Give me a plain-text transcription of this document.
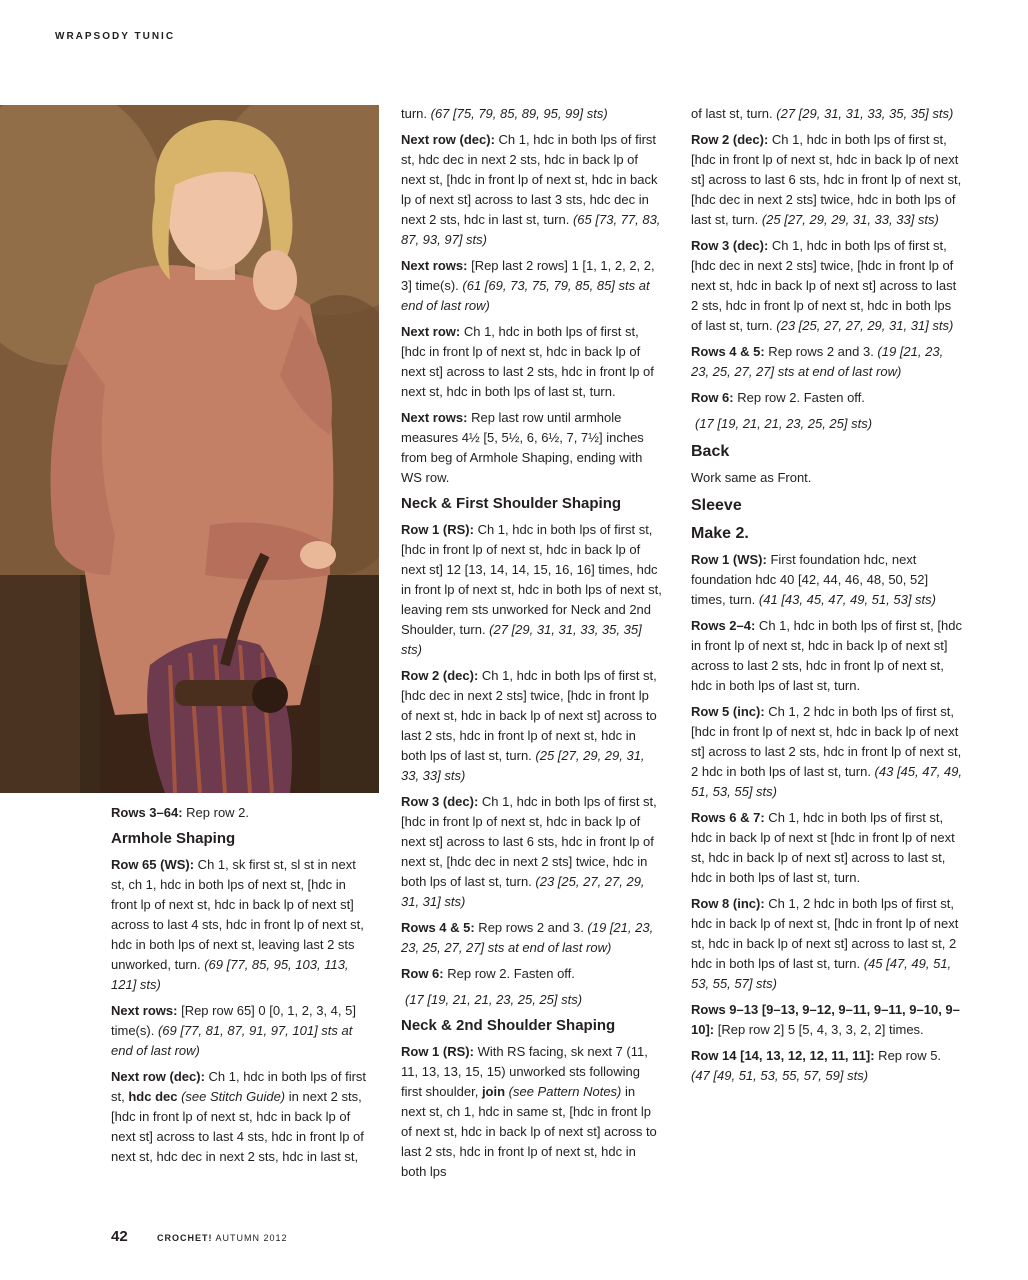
WRAPSODY TUNIC

Rows 3–64: Rep row 2.

Armhole Shaping

Row 65 (WS): Ch 1, sk first st, sl st in next st, ch 1, hdc in both lps of next st, [hdc in front lp of next st, hdc in back lp of next st] across to last 4 sts, hdc in front lp of next st, hdc in both lps of next st, leaving last 2 sts unworked, turn. (69 [77, 85, 95, 103, 113, 121] sts)

Next rows: [Rep row 65] 0 [0, 1, 2, 3, 4, 5] time(s). (69 [77, 81, 87, 91, 97, 101] sts at end of last row)

Next row (dec): Ch 1, hdc in both lps of first st, hdc dec (see Stitch Guide) in next 2 sts, [hdc in front lp of next st, hdc in back lp of next st] across to last 4 sts, hdc in front lp of next st, hdc dec in next 2 sts, hdc in last st,

turn. (67 [75, 79, 85, 89, 95, 99] sts)

Next row (dec): Ch 1, hdc in both lps of first st, hdc dec in next 2 sts, hdc in back lp of next st, [hdc in front lp of next st, hdc in back lp of next st] across to last 3 sts, hdc dec in next 2 sts, hdc in last st, turn. (65 [73, 77, 83, 87, 93, 97] sts)

Next rows: [Rep last 2 rows] 1 [1, 1, 2, 2, 2, 3] time(s). (61 [69, 73, 75, 79, 85, 85] sts at end of last row)

Next row: Ch 1, hdc in both lps of first st, [hdc in front lp of next st, hdc in back lp of next st] across to last 2 sts, hdc in front lp of next st, hdc in both lps of last st, turn.

Next rows: Rep last row until armhole measures 4½ [5, 5½, 6, 6½, 7, 7½] inches from beg of Armhole Shaping, ending with WS row.

Neck & First Shoulder Shaping

Row 1 (RS): Ch 1, hdc in both lps of first st, [hdc in front lp of next st, hdc in back lp of next st] 12 [13, 14, 14, 15, 16, 16] times, hdc in front lp of next st, hdc in both lps of next st, leaving rem sts unworked for Neck and 2nd Shoulder, turn. (27 [29, 31, 31, 33, 35, 35] sts)

Row 2 (dec): Ch 1, hdc in both lps of first st, [hdc dec in next 2 sts] twice, [hdc in front lp of next st, hdc in back lp of next st] across to last 2 sts, hdc in front lp of next st, hdc in both lps of last st, turn. (25 [27, 29, 29, 31, 33, 33] sts)

Row 3 (dec): Ch 1, hdc in both lps of first st, [hdc in front lp of next st, hdc in back lp of next st] across to last 6 sts, hdc in front lp of next st, [hdc dec in next 2 sts] twice, hdc in both lps of last st, turn. (23 [25, 27, 27, 29, 31, 31] sts)

Rows 4 & 5: Rep rows 2 and 3. (19 [21, 23, 23, 25, 27, 27] sts at end of last row)

Row 6: Rep row 2. Fasten off.

(17 [19, 21, 21, 23, 25, 25] sts)

Neck & 2nd Shoulder Shaping

Row 1 (RS): With RS facing, sk next 7 (11, 11, 13, 13, 15, 15) unworked sts following first shoulder, join (see Pattern Notes) in next st, ch 1, hdc in same st, [hdc in front lp of next st, hdc in back lp of next st] across to last 2 sts, hdc in front lp of next st, hdc in both lps

of last st, turn. (27 [29, 31, 31, 33, 35, 35] sts)

Row 2 (dec): Ch 1, hdc in both lps of first st, [hdc in front lp of next st, hdc in back lp of next st] across to last 6 sts, hdc in front lp of next st, [hdc dec in next 2 sts] twice, hdc in both lps of last st, turn. (25 [27, 29, 29, 31, 33, 33] sts)

Row 3 (dec): Ch 1, hdc in both lps of first st, [hdc dec in next 2 sts] twice, [hdc in front lp of next st, hdc in back lp of next st] across to last 2 sts, hdc in front lp of next st, hdc in both lps of last st, turn. (23 [25, 27, 27, 29, 31, 31] sts)

Rows 4 & 5: Rep rows 2 and 3. (19 [21, 23, 23, 25, 27, 27] sts at end of last row)

Row 6: Rep row 2. Fasten off.

(17 [19, 21, 21, 23, 25, 25] sts)

Back

Work same as Front.

Sleeve
Make 2.

Row 1 (WS): First foundation hdc, next foundation hdc 40 [42, 44, 46, 48, 50, 52] times, turn. (41 [43, 45, 47, 49, 51, 53] sts)

Rows 2–4: Ch 1, hdc in both lps of first st, [hdc in front lp of next st, hdc in back lp of next st] across to last 2 sts, hdc in front lp of next st, hdc in both lps of last st, turn.

Row 5 (inc): Ch 1, 2 hdc in both lps of first st, [hdc in front lp of next st, hdc in back lp of next st] across to last 2 sts, hdc in front lp of next st, 2 hdc in both lps of last st, turn. (43 [45, 47, 49, 51, 53, 55] sts)

Rows 6 & 7: Ch 1, hdc in both lps of first st, hdc in back lp of next st [hdc in front lp of next st, hdc in back lp of next st] across to last st, hdc in both lps of last st, turn.

Row 8 (inc): Ch 1, 2 hdc in both lps of first st, hdc in back lp of next st, [hdc in front lp of next st, hdc in back lp of next st] across to last st, 2 hdc in both lps of last st, turn. (45 [47, 49, 51, 53, 55, 57] sts)

Rows 9–13 [9–13, 9–12, 9–11, 9–11, 9–10, 9–10]: [Rep row 2] 5 [5, 4, 3, 3, 2, 2] times.

Row 14 [14, 13, 12, 12, 11, 11]: Rep row 5. (47 [49, 51, 53, 55, 57, 59] sts)

42	CROCHET! AUTUMN 2012
